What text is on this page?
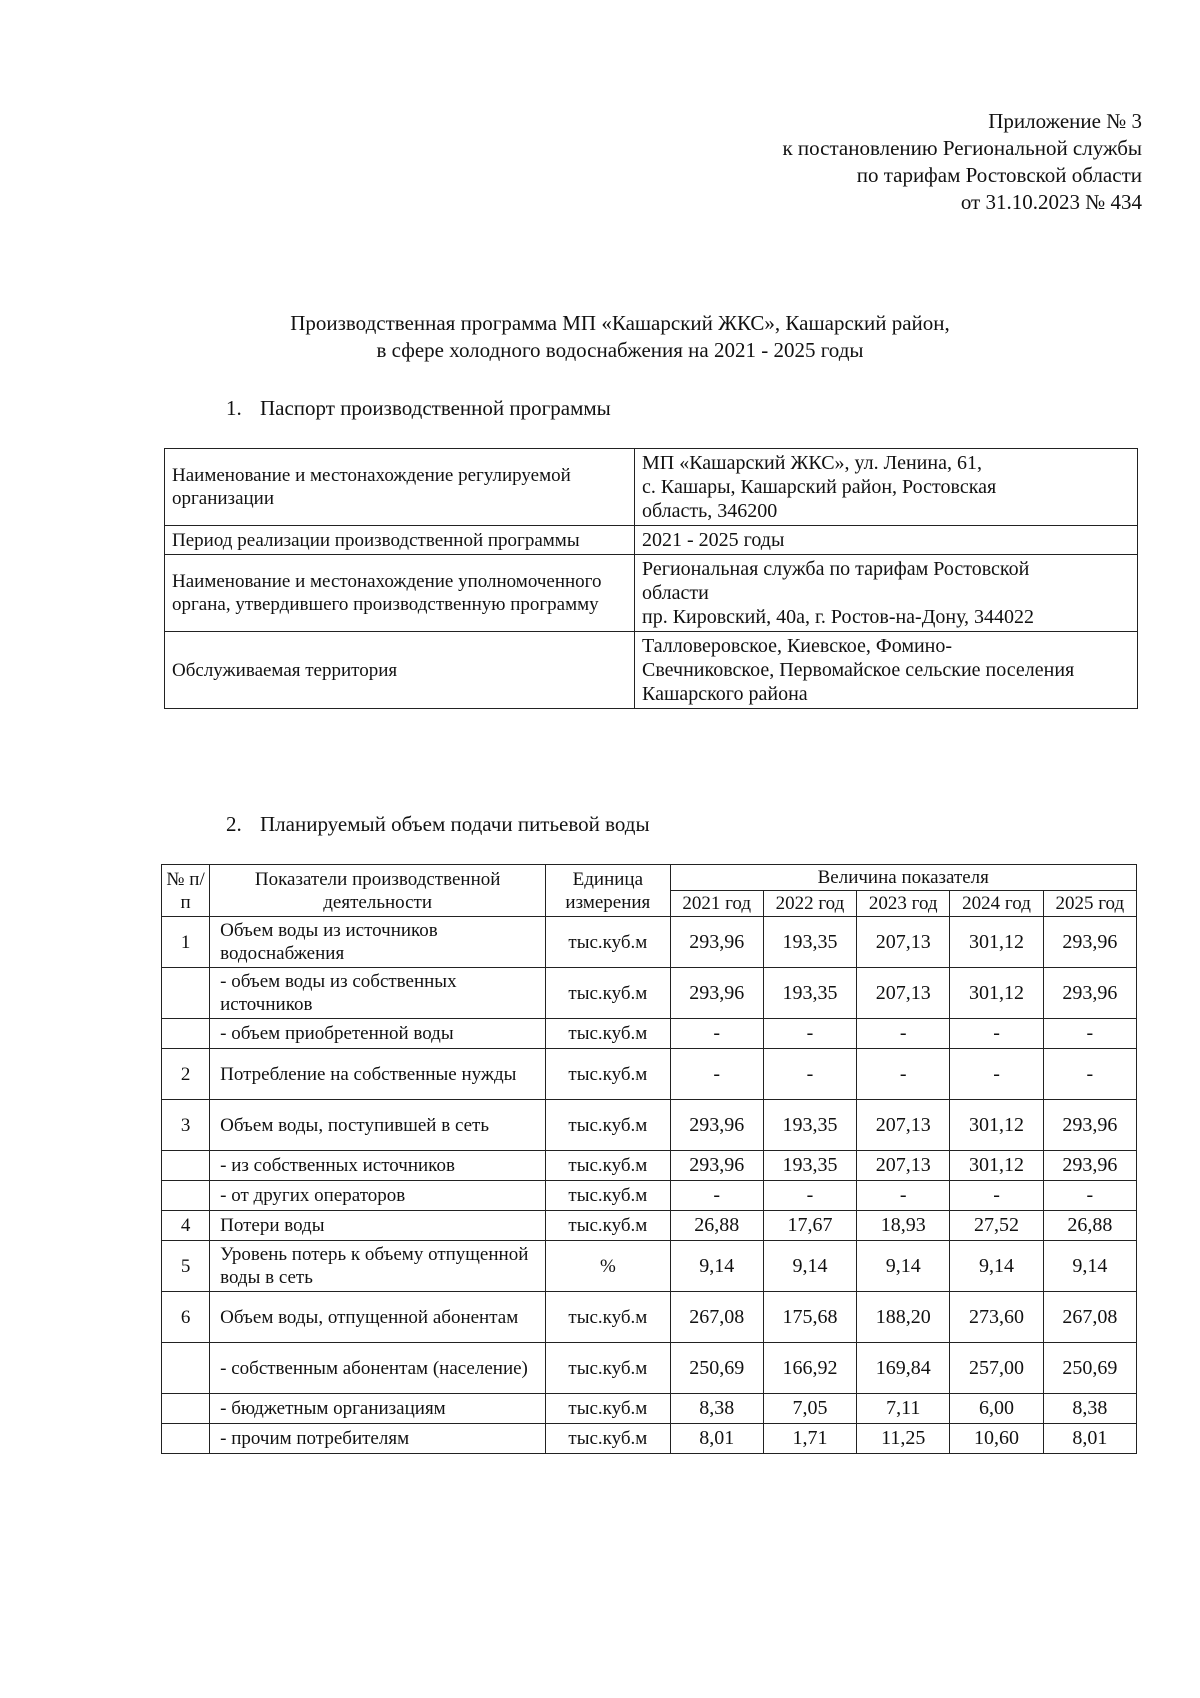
Приложение № 3
к постановлению Региональной службы
по тарифам Ростовской области
от 31.10.2023 № 434
Производственная программа МП «Кашарский ЖКС», Кашарский район,
в сфере холодного водоснабжения на 2021 - 2025 годы
1. Паспорт производственной программы
Наименование и местонахождение регулируемой организации	МП «Кашарский ЖКС», ул. Ленина, 61,
с. Кашары, Кашарский район, Ростовская
область, 346200

Период реализации производственной программы	2021 - 2025 годы

Наименование и местонахождение уполномоченного органа, утвердившего производственную программу	Региональная служба по тарифам Ростовской
области
пр. Кировский, 40а, г. Ростов-на-Дону, 344022

Обслуживаемая территория	Талловеровское, Киевское, Фомино-
Свечниковское, Первомайское сельские поселения
Кашарского района
2. Планируемый объем подачи питьевой воды
№ п/ п	Показатели производственной деятельности	Единица измерения	Величина показателя				
			2021 год	2022 год	2023 год	2024 год	2025 год
1	Объем воды из источников водоснабжения	тыс.куб.м	293,96	193,35	207,13	301,12	293,96
	- объем воды из собственных источников	тыс.куб.м	293,96	193,35	207,13	301,12	293,96
	- объем приобретенной воды	тыс.куб.м	-	-	-	-	-
2	Потребление на собственные нужды	тыс.куб.м	-	-	-	-	-
3	Объем воды, поступившей в сеть	тыс.куб.м	293,96	193,35	207,13	301,12	293,96
	- из собственных источников	тыс.куб.м	293,96	193,35	207,13	301,12	293,96
	- от других операторов	тыс.куб.м	-	-	-	-	-
4	Потери воды	тыс.куб.м	26,88	17,67	18,93	27,52	26,88
5	Уровень потерь к объему отпущенной воды в сеть	%	9,14	9,14	9,14	9,14	9,14
6	Объем воды, отпущенной абонентам	тыс.куб.м	267,08	175,68	188,20	273,60	267,08
	- собственным абонентам (население)	тыс.куб.м	250,69	166,92	169,84	257,00	250,69
	- бюджетным организациям	тыс.куб.м	8,38	7,05	7,11	6,00	8,38
	- прочим потребителям	тыс.куб.м	8,01	1,71	11,25	10,60	8,01
